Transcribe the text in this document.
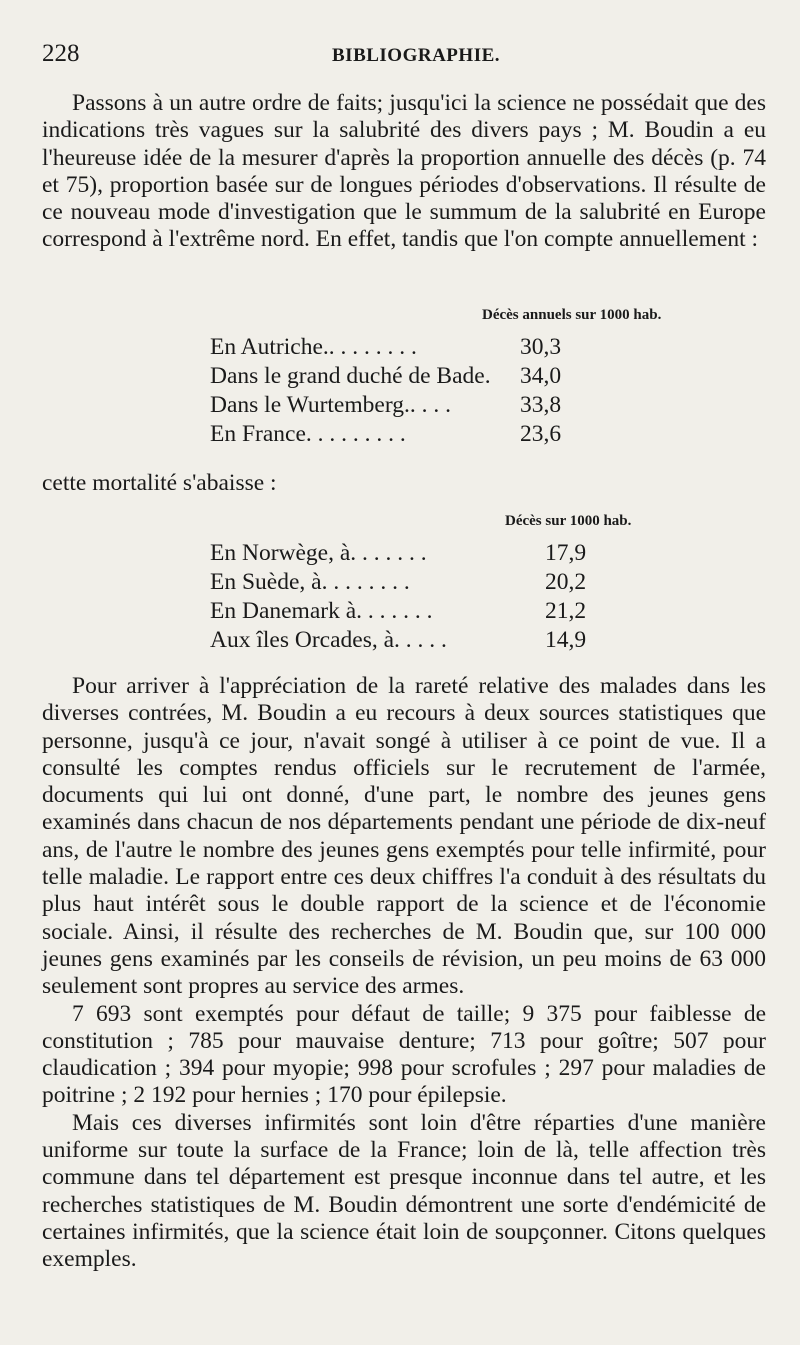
228	BIBLIOGRAPHIE.

Passons à un autre ordre de faits; jusqu'ici la science ne possédait que des indications très vagues sur la salubrité des divers pays ; M. Boudin a eu l'heureuse idée de la mesurer d'après la proportion annuelle des décès (p. 74 et 75), proportion basée sur de longues périodes d'observations. Il résulte de ce nouveau mode d'investigation que le summum de la salubrité en Europe correspond à l'extrême nord. En effet, tandis que l'on compte annuellement :

Décès annuels sur 1000 hab.
En Autriche.. . . . . . . .	30,3
Dans le grand duché de Bade. 34,0
Dans le Wurtemberg.. . . .	33,8
En France. . . . . . . . .	23,6

cette mortalité s'abaisse :

Décès sur 1000 hab.
En Norwège, à. . . . . . .	17,9
En Suède, à. . . . . . . .	20,2
En Danemark à. . . . . . .	21,2
Aux îles Orcades, à. . . . .	14,9

Pour arriver à l'appréciation de la rareté relative des malades dans les diverses contrées, M. Boudin a eu recours à deux sources statistiques que personne, jusqu'à ce jour, n'avait songé à utiliser à ce point de vue. Il a consulté les comptes rendus officiels sur le recrutement de l'armée, documents qui lui ont donné, d'une part, le nombre des jeunes gens examinés dans chacun de nos départements pendant une période de dix-neuf ans, de l'autre le nombre des jeunes gens exemptés pour telle infirmité, pour telle maladie. Le rapport entre ces deux chiffres l'a conduit à des résultats du plus haut intérêt sous le double rapport de la science et de l'économie sociale. Ainsi, il résulte des recherches de M. Boudin que, sur 100 000 jeunes gens examinés par les conseils de révision, un peu moins de 63 000 seulement sont propres au service des armes.

7 693 sont exemptés pour défaut de taille; 9 375 pour faiblesse de constitution ; 785 pour mauvaise denture; 713 pour goître; 507 pour claudication ; 394 pour myopie; 998 pour scrofules ; 297 pour maladies de poitrine ; 2 192 pour hernies ; 170 pour épilepsie.

Mais ces diverses infirmités sont loin d'être réparties d'une manière uniforme sur toute la surface de la France; loin de là, telle affection très commune dans tel département est presque inconnue dans tel autre, et les recherches statistiques de M. Boudin démontrent une sorte d'endémicité de certaines infirmités, que la science était loin de soupçonner. Citons quelques exemples.
